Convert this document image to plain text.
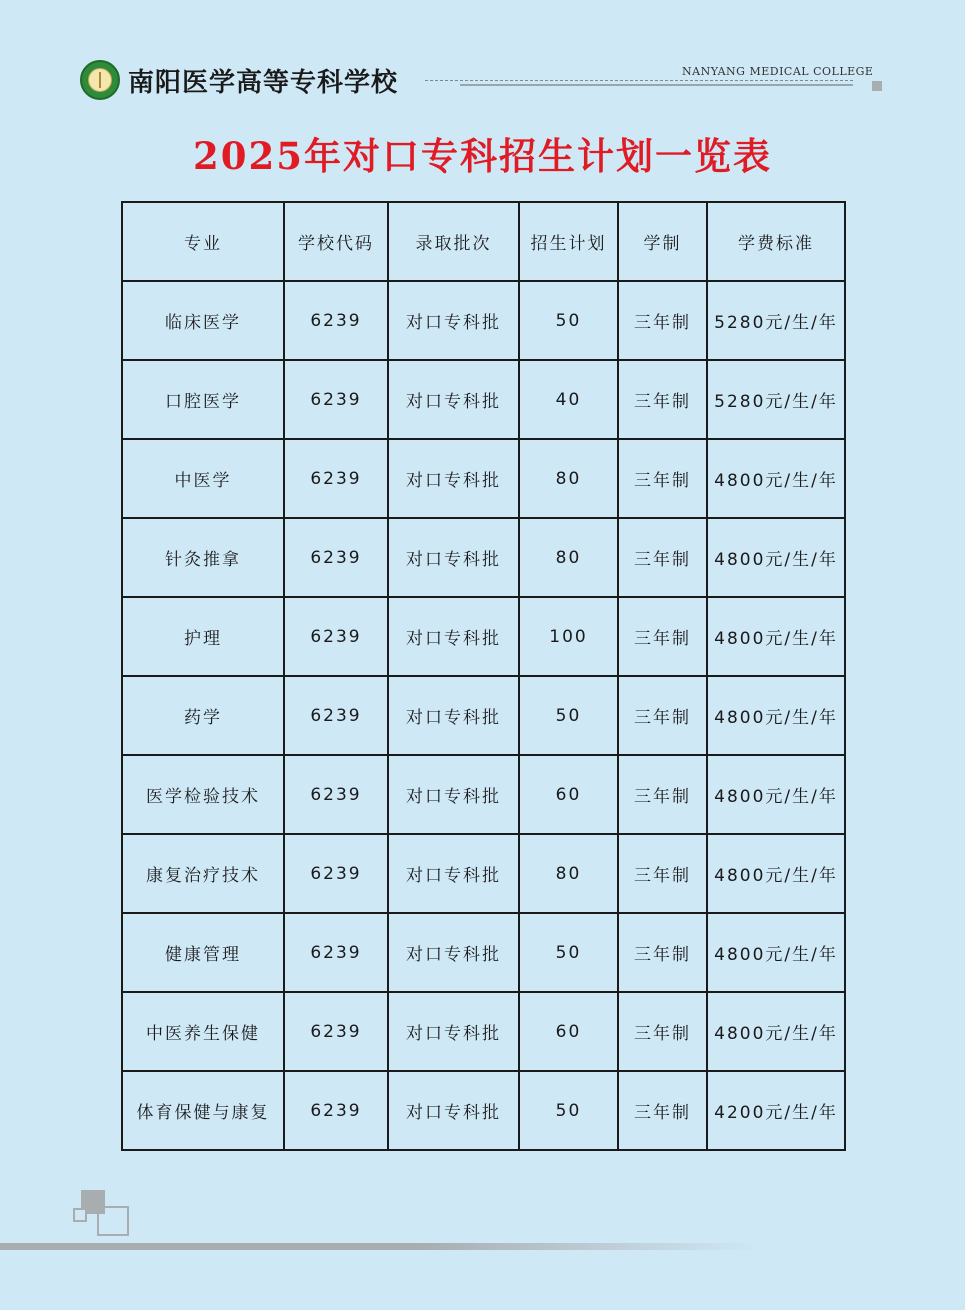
南阳医学高等专科学校	NANYANG MEDICAL COLLEGE
2025年对口专科招生计划一览表
专业	学校代码	录取批次	招生计划	学制	学费标准
临床医学	6239	对口专科批	50	三年制	5280元/生/年
口腔医学	6239	对口专科批	40	三年制	5280元/生/年
中医学	6239	对口专科批	80	三年制	4800元/生/年
针灸推拿	6239	对口专科批	80	三年制	4800元/生/年
护理	6239	对口专科批	100	三年制	4800元/生/年
药学	6239	对口专科批	50	三年制	4800元/生/年
医学检验技术	6239	对口专科批	60	三年制	4800元/生/年
康复治疗技术	6239	对口专科批	80	三年制	4800元/生/年
健康管理	6239	对口专科批	50	三年制	4800元/生/年
中医养生保健	6239	对口专科批	60	三年制	4800元/生/年
体育保健与康复	6239	对口专科批	50	三年制	4200元/生/年
